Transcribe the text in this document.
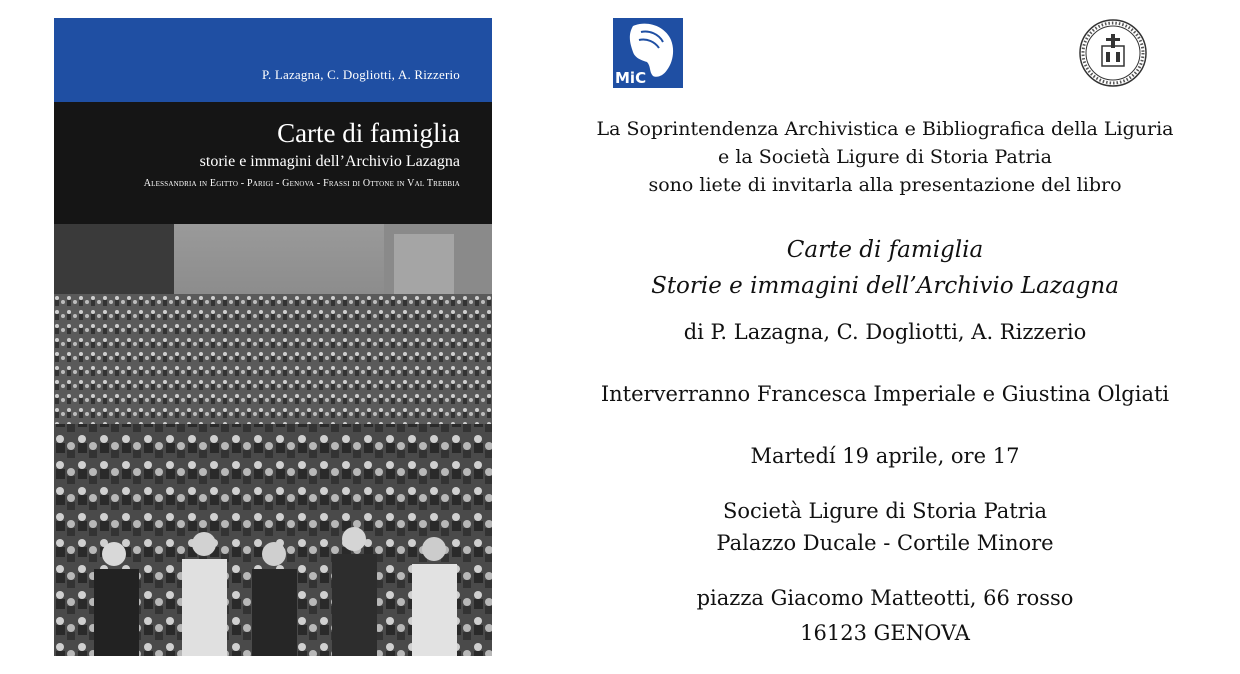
P. Lazagna, C. Dogliotti, A. Rizzerio
Carte di famiglia
storie e immagini dell’Archivio Lazagna
Alessandria in Egitto - Parigi - Genova - Frassi di Ottone in Val Trebbia
MiC
La Soprintendenza Archivistica e Bibliografica della Liguria
e la Società Ligure di Storia Patria
sono liete di invitarla alla presentazione del libro
Carte di famiglia
Storie e immagini dell’Archivio Lazagna
di P. Lazagna, C. Dogliotti, A. Rizzerio
Interverranno Francesca Imperiale e Giustina Olgiati
Martedí 19 aprile, ore 17
Società Ligure di Storia Patria
Palazzo Ducale - Cortile Minore
piazza Giacomo Matteotti, 66 rosso
16123 GENOVA
